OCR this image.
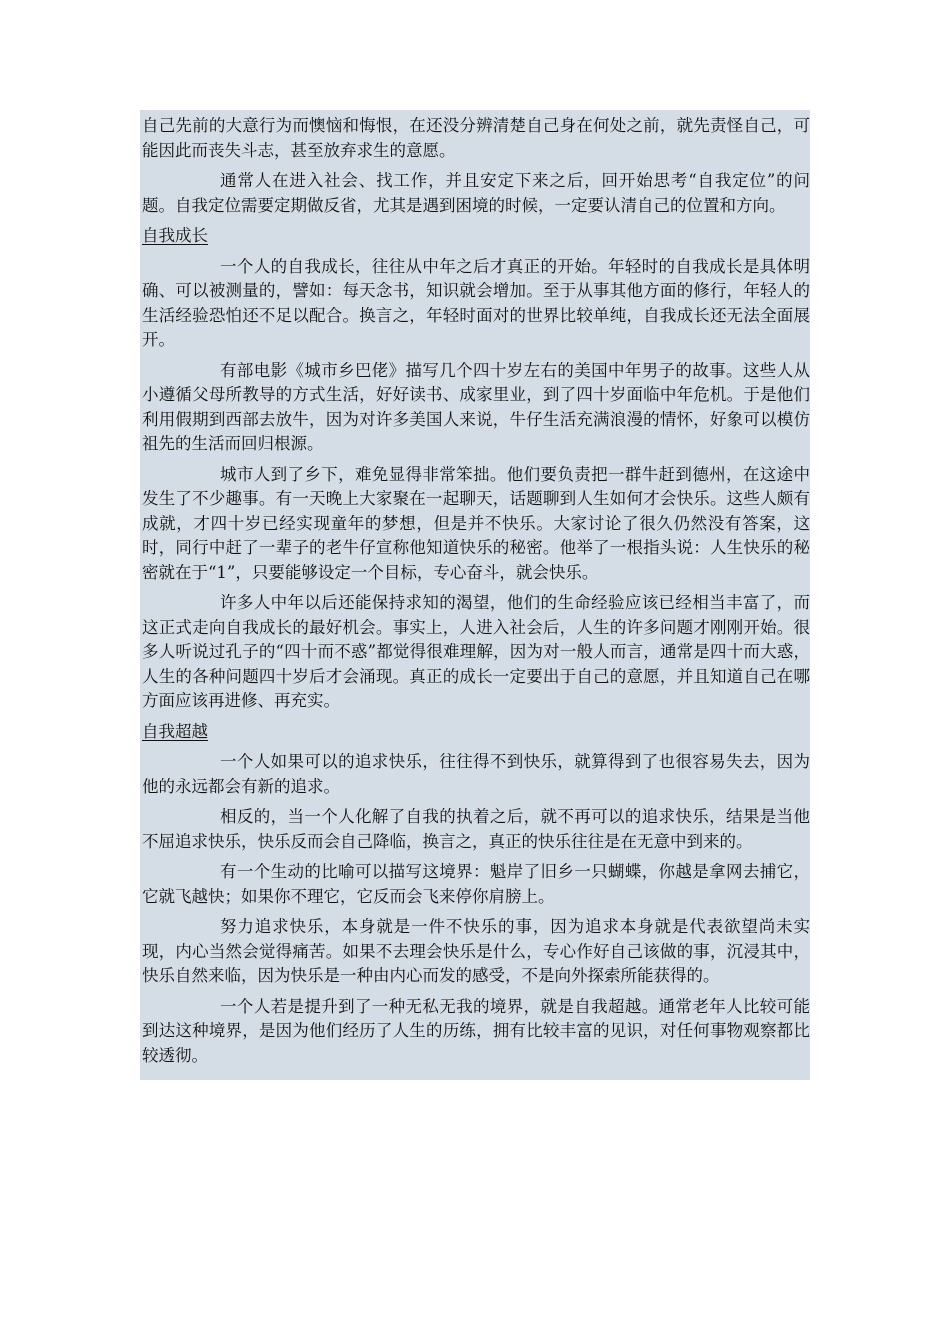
自己先前的大意行为而懊恼和悔恨，在还没分辨清楚自己身在何处之前，就先责怪自己，可能因此而丧失斗志，甚至放弃求生的意愿。

通常人在进入社会、找工作，并且安定下来之后，回开始思考“自我定位”的问题。自我定位需要定期做反省，尤其是遇到困境的时候，一定要认清自己的位置和方向。

自我成长

一个人的自我成长，往往从中年之后才真正的开始。年轻时的自我成长是具体明确、可以被测量的，譬如：每天念书，知识就会增加。至于从事其他方面的修行，年轻人的生活经验恐怕还不足以配合。换言之，年轻时面对的世界比较单纯，自我成长还无法全面展开。

有部电影《城市乡巴佬》描写几个四十岁左右的美国中年男子的故事。这些人从小遵循父母所教导的方式生活，好好读书、成家里业，到了四十岁面临中年危机。于是他们利用假期到西部去放牛，因为对许多美国人来说，牛仔生活充满浪漫的情怀，好象可以模仿祖先的生活而回归根源。

城市人到了乡下，难免显得非常笨拙。他们要负责把一群牛赶到德州，在这途中发生了不少趣事。有一天晚上大家聚在一起聊天，话题聊到人生如何才会快乐。这些人颇有成就，才四十岁已经实现童年的梦想，但是并不快乐。大家讨论了很久仍然没有答案，这时，同行中赶了一辈子的老牛仔宣称他知道快乐的秘密。他举了一根指头说：人生快乐的秘密就在于“1”，只要能够设定一个目标，专心奋斗，就会快乐。

许多人中年以后还能保持求知的渴望，他们的生命经验应该已经相当丰富了，而这正式走向自我成长的最好机会。事实上，人进入社会后，人生的许多问题才刚刚开始。很多人听说过孔子的“四十而不惑”都觉得很难理解，因为对一般人而言，通常是四十而大惑，人生的各种问题四十岁后才会涌现。真正的成长一定要出于自己的意愿，并且知道自己在哪方面应该再进修、再充实。

自我超越

一个人如果可以的追求快乐，往往得不到快乐，就算得到了也很容易失去，因为他的永远都会有新的追求。

相反的，当一个人化解了自我的执着之后，就不再可以的追求快乐，结果是当他不屈追求快乐，快乐反而会自己降临，换言之，真正的快乐往往是在无意中到来的。

有一个生动的比喻可以描写这境界：魁岸了旧乡一只蝴蝶，你越是拿网去捕它，它就飞越快；如果你不理它，它反而会飞来停你肩膀上。

努力追求快乐，本身就是一件不快乐的事，因为追求本身就是代表欲望尚未实现，内心当然会觉得痛苦。如果不去理会快乐是什么，专心作好自己该做的事，沉浸其中，快乐自然来临，因为快乐是一种由内心而发的感受，不是向外探索所能获得的。

一个人若是提升到了一种无私无我的境界，就是自我超越。通常老年人比较可能到达这种境界，是因为他们经历了人生的历练，拥有比较丰富的见识，对任何事物观察都比较透彻。
